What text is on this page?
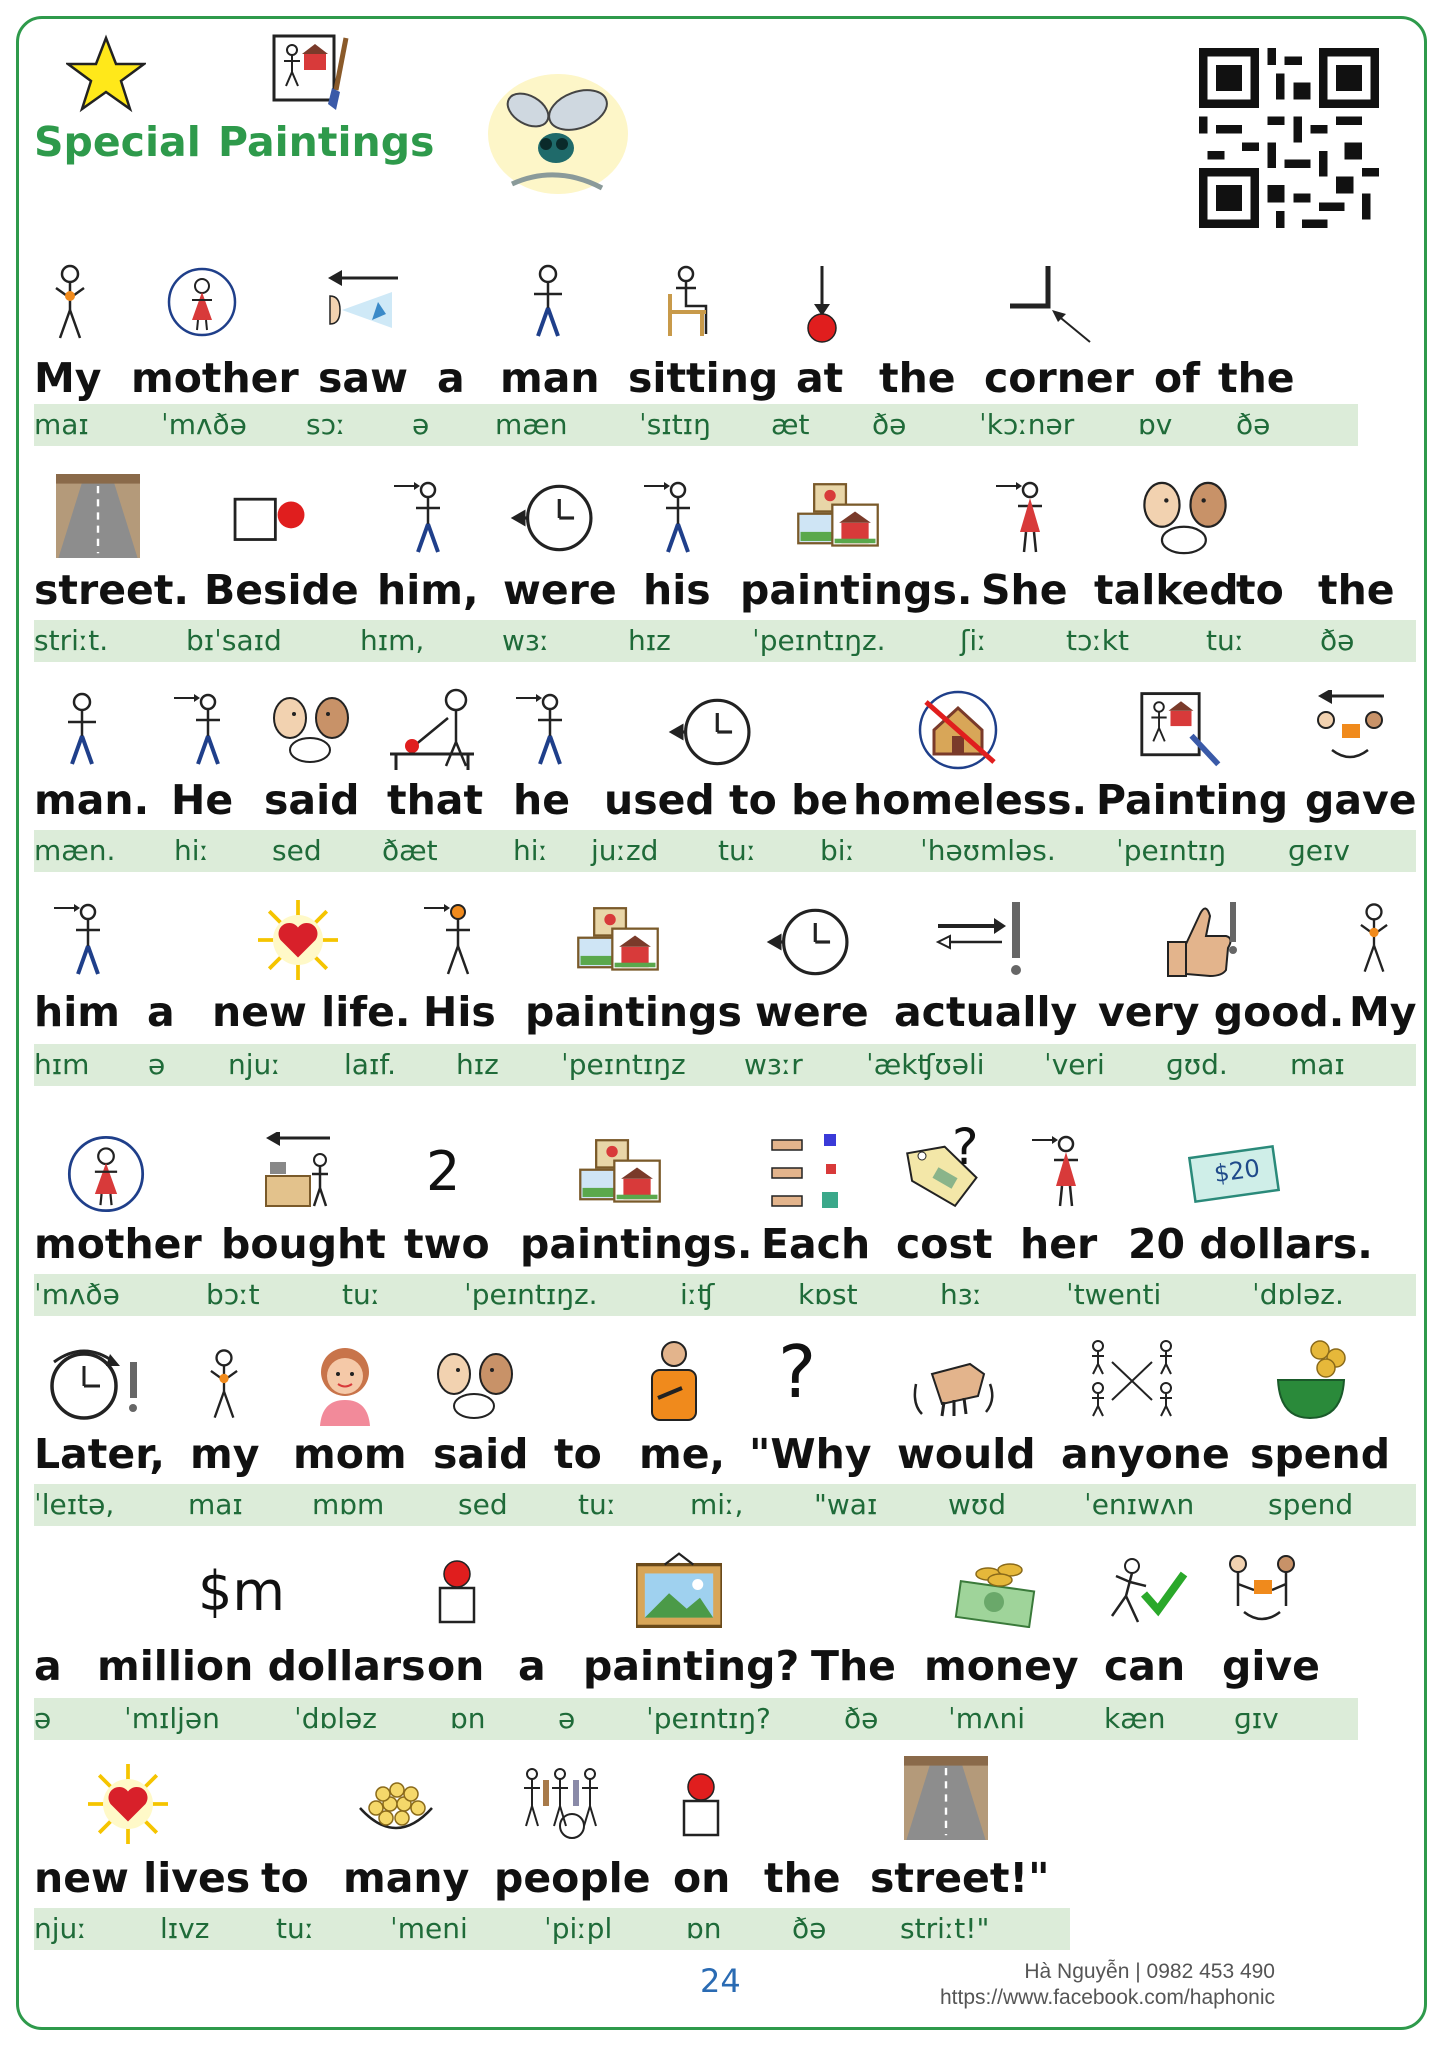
Special Paintings
My mother saw a man sitting at the corner of the
maɪ	ˈmʌðə sɔː ə mæn	ˈsɪtɪŋ æt ðə	ˈkɔːnər ɒv ðə
street. Beside him, were his paintings. She talked
to the
striːt.	bɪˈsaɪd	hɪm,	wɜː	hɪz	ˈpeɪntɪŋz.	ʃiː	tɔːkt	tuː	ðə
man. He said that he used to be homeless. Painting gave
mæn. hiː sed ðæt	hiː juːzd tuː biː ˈhəʊmləs. ˈpeɪntɪŋ ɡeɪv
him a new life. His paintings were actually very good. My
hɪm ə njuː laɪf. hɪz ˈpeɪntɪŋz wɜːr ˈækʧʊəli ˈveri ɡʊd. maɪ
2	?	$20
mother bought two paintings. Each cost her 20 dollars.
ˈmʌðə	bɔːt	tuː	ˈpeɪntɪŋz.	iːʧ	kɒst	hɜː	ˈtwenti	ˈdɒləz.
?
Later, my mom said to me, "Why would anyone spend
ˈleɪtə,	maɪ mɒm	sed	tuː	miː,	"waɪ	wʊd	ˈenɪwʌn	spend
$m
a million dollars on a painting? The money can give
ə	ˈmɪljən	ˈdɒləz	ɒn	ə	ˈpeɪntɪŋ?	ðə ˈmʌni	kæn ɡɪv
new lives to many people on the street!"
njuː	lɪvz tuː	ˈmeni	ˈpiːpl	ɒn	ðə	striːt!"
24	Hà Nguyễn | 0982 453 490
https://www.facebook.com/haphonic
